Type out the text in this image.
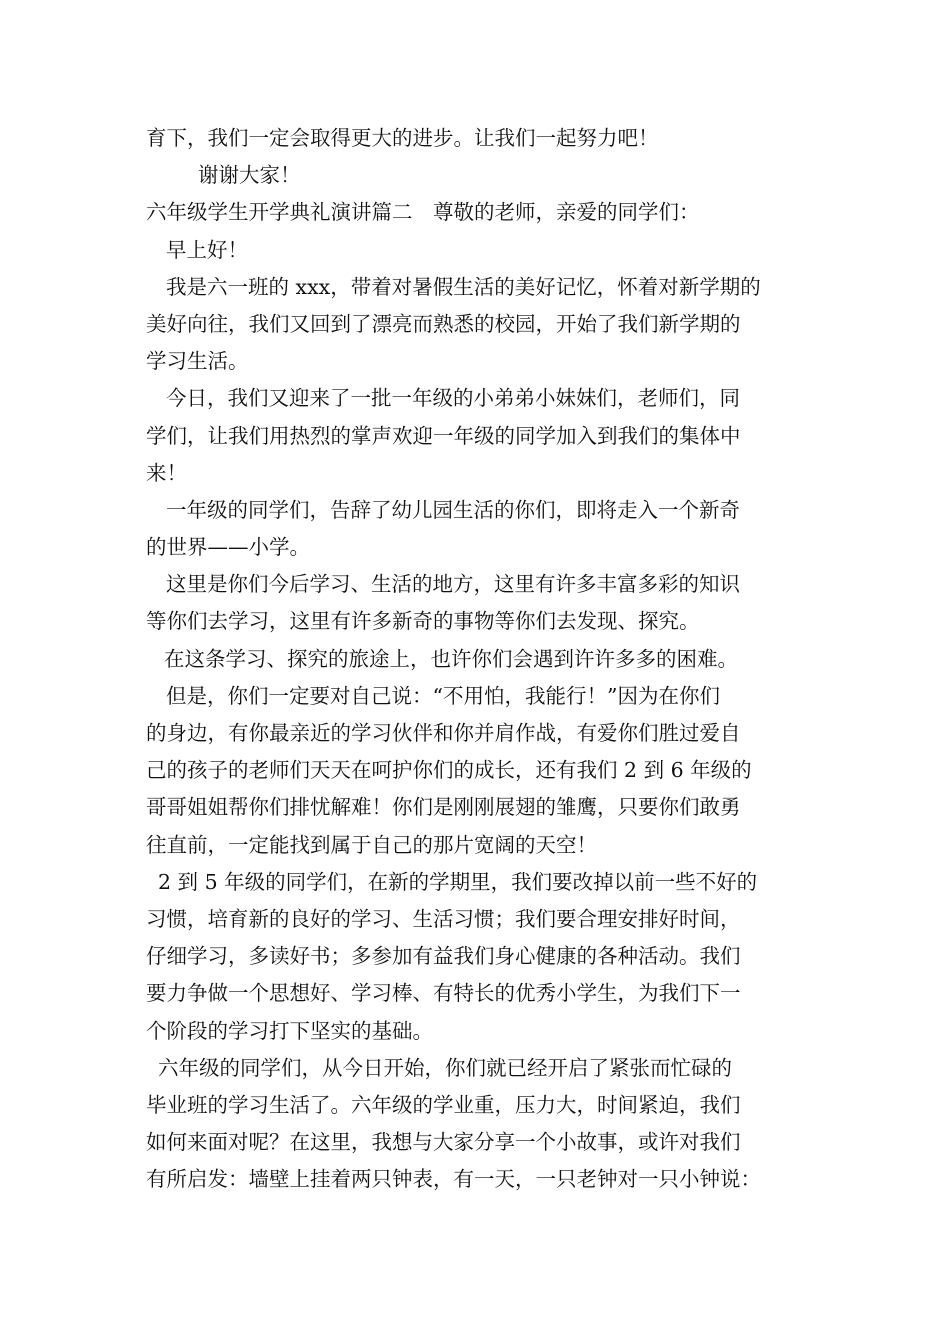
育下，我们一定会取得更大的进步。让我们一起努力吧！
谢谢大家！
六年级学生开学典礼演讲篇二　尊敬的老师，亲爱的同学们：
早上好！
我是六一班的 xxx，带着对暑假生活的美好记忆，怀着对新学期的
美好向往，我们又回到了漂亮而熟悉的校园，开始了我们新学期的
学习生活。
今日，我们又迎来了一批一年级的小弟弟小妹妹们，老师们，同
学们，让我们用热烈的掌声欢迎一年级的同学加入到我们的集体中
来！
一年级的同学们，告辞了幼儿园生活的你们，即将走入一个新奇
的世界——小学。
这里是你们今后学习、生活的地方，这里有许多丰富多彩的知识
等你们去学习，这里有许多新奇的事物等你们去发现、探究。
在这条学习、探究的旅途上，也许你们会遇到许许多多的困难。
但是，你们一定要对自己说：“不用怕，我能行！”因为在你们
的身边，有你最亲近的学习伙伴和你并肩作战，有爱你们胜过爱自
己的孩子的老师们天天在呵护你们的成长，还有我们 2 到 6 年级的
哥哥姐姐帮你们排忧解难！你们是刚刚展翅的雏鹰，只要你们敢勇
往直前，一定能找到属于自己的那片宽阔的天空！
2 到 5 年级的同学们，在新的学期里，我们要改掉以前一些不好的
习惯，培育新的良好的学习、生活习惯；我们要合理安排好时间，
仔细学习，多读好书；多参加有益我们身心健康的各种活动。我们
要力争做一个思想好、学习棒、有特长的优秀小学生，为我们下一
个阶段的学习打下坚实的基础。
六年级的同学们，从今日开始，你们就已经开启了紧张而忙碌的
毕业班的学习生活了。六年级的学业重，压力大，时间紧迫，我们
如何来面对呢？在这里，我想与大家分享一个小故事，或许对我们
有所启发：墙壁上挂着两只钟表，有一天，一只老钟对一只小钟说：
